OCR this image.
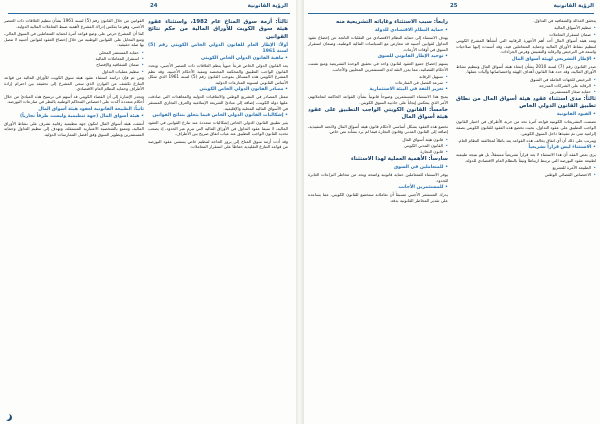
الرؤية القانونية
24
ثالثاً: أزمة سوق المناخ عام 1982، واستثناء عقود هيئة سوق الكويت للأوراق المالية من حكم نتائج القوانين
أولاً: الإطار العام للقانون الدولي الخاص الكويتي رقم (5) لسنة 1961
• ماهية القانون الدولي الخاص الكويتي
يعد القانون الدولي الخاص فرعاً حيوياً ينظم العلاقات ذات العنصر الأجنبي، ويحدد القانون الواجب التطبيق والمحكمة المختصة وتنفيذ الأحكام الأجنبية، وقد نظم المشرع الكويتي هذه المسائل بموجب القانون رقم (5) لسنة 1961 الذي شكل الأساس القانوني لتسوية المنازعات الدولية.
• مصادر القانون الدولي الخاص الكويتي
تتمثل المصادر في التشريع الوطني والاتفاقيات الدولية والمعاهدات التي صادقت عليها دولة الكويت، إضافة إلى مبادئ الشريعة الإسلامية والعرف التجاري المستقر في الأسواق المالية المحلية والإقليمية.
• إشكاليات القانون الدولي الخاص فيما يتعلق بنتائج القوانين
يثير تطبيق القانون الدولي الخاص إشكاليات متعددة عند تنازع القوانين في العقود المالية، لا سيما عقود التداول في الأوراق المالية التي تبرم عبر الحدود، إذ يصعب تحديد القانون الواجب التطبيق عند غياب اتفاق صريح بين الأطراف.
وقد أدت أزمة سوق المناخ إلى بروز الحاجة لتنظيم خاص يستثني عقود البورصة من قواعد التنازع التقليدية حفاظاً على استقرار المعاملات.
القوانين من خلال القانون رقم (5) لسنة 1961 بشأن تنظيم العلاقات ذات العنصر الأجنبي، وهو ما يعكس إدراك المشرع لأهمية ضبط التعاملات المالية الدولية.
كما أن المشرع حرص على وضع قواعد آمرة لحماية المتعاملين في السوق المالي، ومنع التحايل على القوانين الوطنية من خلال إخضاع العقود لقوانين أجنبية لا تتصل بها صلة حقيقية.
• حماية المستثمر المحلي
• استقرار المعاملات المالية
• ضمان الشفافية والإفصاح
• تنظيم عمليات التداول
ومن ثم فإن دراسة استثناء عقود هيئة سوق الكويت للأوراق المالية من قواعد التنازع تكشف عن التوازن الذي سعى المشرع إلى تحقيقه بين احترام إرادة الأطراف وحماية النظام العام الاقتصادي.
وتجدر الإشارة إلى أن القضاء الكويتي قد أسهم في ترسيخ هذه المبادئ من خلال أحكام متعددة أكدت على اختصاص المحاكم الوطنية بالنظر في منازعات البورصة.
ثانياً: الطبيعة القانونية لعقود هيئة أسواق المال
• هيئة أسواق المال (جهة تنظيمية وليست طرفاً تجارياً)
أنشئت هيئة أسواق المال لتكون جهة تنظيمية رقابية تشرف على نشاط الأوراق المالية، وتتمتع بالشخصية الاعتبارية المستقلة، وتهدف إلى تنظيم التداول وحماية المستثمرين وتطوير السوق وفق أفضل الممارسات الدولية.
الرؤية القانونية
25
يتحقق العدالة والشفافية في التداول.
• تنظيم الأسواق المالية
• ضمان استقرار التعاملات
وتعد هيئة أسواق المال أحد أهم الأجهزة الرقابية التي أنشأها المشرع الكويتي لتنظيم نشاط الأوراق المالية وحماية المتعاملين فيه، وقد أسندت إليها صلاحيات واسعة في الترخيص والرقابة والتفتيش وفرض الجزاءات.
• الإطار التشريعي لهيئة أسواق المال
صدر القانون رقم (7) لسنة 2010 بشأن إنشاء هيئة أسواق المال وتنظيم نشاط الأوراق المالية، وقد حدد هذا القانون أهداف الهيئة واختصاصاتها وآليات عملها.
• الترخيص للجهات العاملة في السوق
• الرقابة على الشركات المدرجة
• حماية صغار المستثمرين
ثالثاً: مدى استثناء عقود هيئة أسواق المال من نطاق تطبيق القانون الدولي الخاص
• القيود القانونية
تضمنت التشريعات الكويتية قواعد آمرة تحد من حرية الأطراف في اختيار القانون الواجب التطبيق على عقود التداول، بحيث تخضع هذه العقود للقانون الكويتي بصفة إلزامية متى تم تنفيذها داخل السوق الكويتي.
ويترتب على ذلك أن أي اتفاق يخالف هذه القواعد يعد باطلاً لمخالفته النظام العام.
• الاستثناء ليس قراراً تشريعياً
يرى بعض الفقه أن هذا الاستثناء لا يعد قراراً تشريعياً مستقلاً، بل هو نتيجة طبيعية لطبيعة عقود البورصة التي ترتبط ارتباطاً وثيقاً بالنظام العام الاقتصادي للدولة.
• الطبيعة الآمرة للتشريع
• الاختصاص القضائي الوطني
رابعاً: سبب الاستثناء وغاياته التشريعية منه
• حماية النظام الاقتصادي للدولة
يهدف الاستثناء إلى حماية النظام الاقتصادي من التقلبات الناتجة عن إخضاع عقود التداول لقوانين أجنبية قد تتعارض مع السياسات المالية الوطنية، وضمان استقرار السوق في أوقات الأزمات.
• توحيد الإطار القانوني للسوق
يسهم إخضاع جميع العقود لقانون واحد في تحقيق الوحدة التشريعية ومنع تشتت الأحكام القضائية، مما يعزز الثقة لدى المستثمرين المحليين والأجانب.
• تسهيل الرقابة
• سرعة الفصل في المنازعات
• تعزيز الثقة في البيئة الاستثمارية
يمنح هذا الاستثناء المستثمرين وضوحاً قانونياً بشأن القواعد الحاكمة لتعاملاتهم، الأمر الذي ينعكس إيجاباً على جاذبية السوق الكويتي.
خامساً: القانون الكويتي الواجب التطبيق على عقود هيئة أسواق المال
تخضع هذه العقود بشكل أساسي لأحكام قانون هيئة أسواق المال ولائحته التنفيذية، إضافة إلى القانون المدني وقانون التجارة فيما لم يرد بشأنه نص خاص.
• قانون هيئة أسواق المال
• القانون المدني الكويتي
• قانون التجارة
سادساً: الأهمية العملية لهذا الاستثناء
• للمتعاملين في السوق
يوفر الاستثناء للمتعاملين حماية قانونية واضحة ويحد من مخاطر النزاعات العابرة للحدود.
• للمستثمرين الأجانب
يدرك المستثمر الأجنبي مسبقاً أن تعاملاته ستخضع للقانون الكويتي، مما يساعده على تقدير المخاطر القانونية بدقة.
